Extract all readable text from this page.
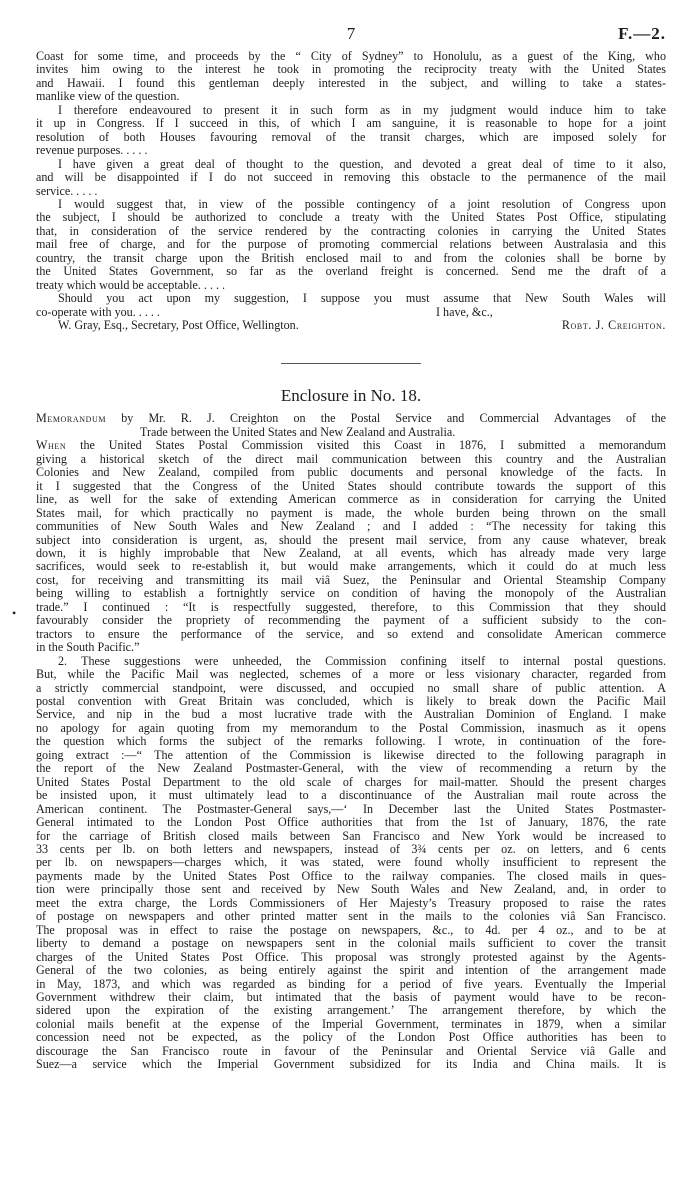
7	F.—2.
Coast for some time, and proceeds by the “ City of Sydney” to Honolulu, as a guest of the King, who
invites him owing to the interest he took in promoting the reciprocity treaty with the United States
and Hawaii. I found this gentleman deeply interested in the subject, and willing to take a states-
manlike view of the question.
I therefore endeavoured to present it in such form as in my judgment would induce him to take
it up in Congress. If I succeed in this, of which I am sanguine, it is reasonable to hope for a joint
resolution of both Houses favouring removal of the transit charges, which are imposed solely for
revenue purposes. . . . .
I have given a great deal of thought to the question, and devoted a great deal of time to it also,
and will be disappointed if I do not succeed in removing this obstacle to the permanence of the mail
service. . . . .
I would suggest that, in view of the possible contingency of a joint resolution of Congress upon
the subject, I should be authorized to conclude a treaty with the United States Post Office, stipulating
that, in consideration of the service rendered by the contracting colonies in carrying the United States
mail free of charge, and for the purpose of promoting commercial relations between Australasia and this
country, the transit charge upon the British enclosed mail to and from the colonies shall be borne by
the United States Government, so far as the overland freight is concerned. Send me the draft of a
treaty which would be acceptable. . . . .
Should you act upon my suggestion, I suppose you must assume that New South Wales will
co-operate with you. . . . .	I have, &c.,
W. Gray, Esq., Secretary, Post Office, Wellington.	Robt. J. Creighton.
Enclosure in No. 18.
Memorandum by Mr. R. J. Creighton on the Postal Service and Commercial Advantages of the
Trade between the United States and New Zealand and Australia.
When the United States Postal Commission visited this Coast in 1876, I submitted a memorandum
giving a historical sketch of the direct mail communication between this country and the Australian
Colonies and New Zealand, compiled from public documents and personal knowledge of the facts. In
it I suggested that the Congress of the United States should contribute towards the support of this
line, as well for the sake of extending American commerce as in consideration for carrying the United
States mail, for which practically no payment is made, the whole burden being thrown on the small
communities of New South Wales and New Zealand ; and I added : “The necessity for taking this
subject into consideration is urgent, as, should the present mail service, from any cause whatever, break
down, it is highly improbable that New Zealand, at all events, which has already made very large
sacrifices, would seek to re-establish it, but would make arrangements, which it could do at much less
cost, for receiving and transmitting its mail viâ Suez, the Peninsular and Oriental Steamship Company
being willing to establish a fortnightly service on condition of having the monopoly of the Australian
trade.” I continued : “It is respectfully suggested, therefore, to this Commission that they should
favourably consider the propriety of recommending the payment of a sufficient subsidy to the con-
tractors to ensure the performance of the service, and so extend and consolidate American commerce
in the South Pacific.”
2. These suggestions were unheeded, the Commission confining itself to internal postal questions.
But, while the Pacific Mail was neglected, schemes of a more or less visionary character, regarded from
a strictly commercial standpoint, were discussed, and occupied no small share of public attention. A
postal convention with Great Britain was concluded, which is likely to break down the Pacific Mail
Service, and nip in the bud a most lucrative trade with the Australian Dominion of England. I make
no apology for again quoting from my memorandum to the Postal Commission, inasmuch as it opens
the question which forms the subject of the remarks following. I wrote, in continuation of the fore-
going extract :—“ The attention of the Commission is likewise directed to the following paragraph in
the report of the New Zealand Postmaster-General, with the view of recommending a return by the
United States Postal Department to the old scale of charges for mail-matter. Should the present charges
be insisted upon, it must ultimately lead to a discontinuance of the Australian mail route across the
American continent. The Postmaster-General says,—‘ In December last the United States Postmaster-
General intimated to the London Post Office authorities that from the 1st of January, 1876, the rate
for the carriage of British closed mails between San Francisco and New York would be increased to
33 cents per lb. on both letters and newspapers, instead of 3¾ cents per oz. on letters, and 6 cents
per lb. on newspapers—charges which, it was stated, were found wholly insufficient to represent the
payments made by the United States Post Office to the railway companies. The closed mails in ques-
tion were principally those sent and received by New South Wales and New Zealand, and, in order to
meet the extra charge, the Lords Commissioners of Her Majesty’s Treasury proposed to raise the rates
of postage on newspapers and other printed matter sent in the mails to the colonies viâ San Francisco.
The proposal was in effect to raise the postage on newspapers, &c., to 4d. per 4 oz., and to be at
liberty to demand a postage on newspapers sent in the colonial mails sufficient to cover the transit
charges of the United States Post Office. This proposal was strongly protested against by the Agents-
General of the two colonies, as being entirely against the spirit and intention of the arrangement made
in May, 1873, and which was regarded as binding for a period of five years. Eventually the Imperial
Government withdrew their claim, but intimated that the basis of payment would have to be recon-
sidered upon the expiration of the existing arrangement.’ The arrangement therefore, by which the
colonial mails benefit at the expense of the Imperial Government, terminates in 1879, when a similar
concession need not be expected, as the policy of the London Post Office authorities has been to
discourage the San Francisco route in favour of the Peninsular and Oriental Service viâ Galle and
Suez—a service which the Imperial Government subsidized for its India and China mails. It is
•
